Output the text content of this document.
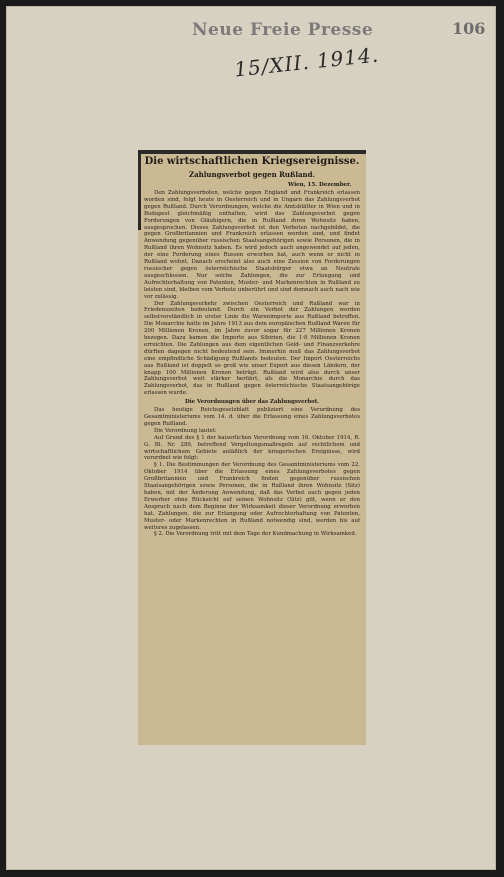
Neue Freie Presse	106
15/XII. 1914.
Die wirtschaftlichen Kriegsereignisse.
Zahlungsverbot gegen Rußland.
Wien, 15. Dezember.

Den Zahlungsverboten, welche gegen England und Frankreich erlassen worden sind, folgt heute in Oesterreich und in Ungarn das Zahlungsverbot gegen Rußland. Durch Verordnungen, welche die Amtsblätter in Wien und in Budapest gleichmäßig enthalten, wird das Zahlungsverbot gegen Forderungen von Gläubigern, die in Rußland ihren Wohnsitz haben, ausgesprochen. Dieses Zahlungsverbot ist den Verboten nachgebildet, die gegen Großbritannien und Frankreich erlassen worden sind, und findet Anwendung gegenüber russischen Staatsangehörigen sowie Personen, die in Rußland ihren Wohnsitz haben. Es wird jedoch auch angewendet auf jeden, der eine Forderung eines Russen erworben hat, auch wenn er nicht in Rußland wohnt. Danach erscheint also auch eine Zession von Forderungen russischer gegen österreichische Staatsbürger etwa an Neutrale ausgeschlossen. Nur solche Zahlungen, die zur Erlangung und Aufrechterhaltung von Patenten, Muster- und Markenrechten in Rußland zu leisten sind, bleiben vom Verbote unberührt und sind demnach auch nach wie vor zulässig.

Der Zahlungsverkehr zwischen Oesterreich und Rußland war in Friedenszeiten bedeutend. Durch ein Verbot der Zahlungen werden selbstverständlich in erster Linie die Warenimporte aus Rußland betroffen. Die Monarchie hatte im Jahre 1913 aus dem europäischen Rußland Waren für 200 Millionen Kronen, im Jahre zuvor sogar für 227 Millionen Kronen bezogen. Dazu kamen die Importe aus Sibirien, die 1·8 Millionen Kronen erreichten. Die Zahlungen aus dem eigentlichen Geld- und Finanzverkehre dürften dagegen nicht bedeutend sein. Immerhin muß das Zahlungsverbot eine empfindliche Schädigung Rußlands bedeuten. Der Import Oesterreichs aus Rußland ist doppelt so groß wie unser Export aus diesen Ländern, der knapp 100 Millionen Kronen beträgt. Rußland wird also durch unser Zahlungsverbot weit stärker berührt, als die Monarchie durch das Zahlungsverbot, das in Rußland gegen österreichische Staatsangehörige erlassen wurde.

Die Verordnungen über das Zahlungsverbot.

Das heutige Reichsgesetzblatt publiziert eine Verordnung des Gesamtministeriums vom 14. d. über die Erlassung eines Zahlungsverbotes gegen Rußland.

Die Verordnung lautet:

Auf Grund des § 1 der kaiserlichen Verordnung vom 16. Oktober 1914, R. G. Bl. Nr. 289, betreffend Vergeltungsmaßregeln auf rechtlichem und wirtschaftlichem Gebiete anläßlich der kriegerischen Ereignisse, wird verordnet wie folgt:

§ 1. Die Bestimmungen der Verordnung des Gesamtministeriums vom 22. Oktober 1914 über die Erlassung eines Zahlungsverbotes gegen Großbritannien und Frankreich finden gegenüber russischen Staatsangehörigen sowie Personen, die in Rußland ihren Wohnsitz (Sitz) haben, mit der Änderung Anwendung, daß das Verbot auch gegen jeden Erwerber ohne Rücksicht auf seinen Wohnsitz (Sitz) gilt, wenn er den Anspruch nach dem Beginne der Wirksamkeit dieser Verordnung erworben hat. Zahlungen, die zur Erlangung oder Aufrechterhaltung von Patenten, Muster- oder Markenrechten in Rußland notwendig sind, werden bis auf weiteres zugelassen.

§ 2. Die Verordnung tritt mit dem Tage der Kundmachung in Wirksamkeit.
